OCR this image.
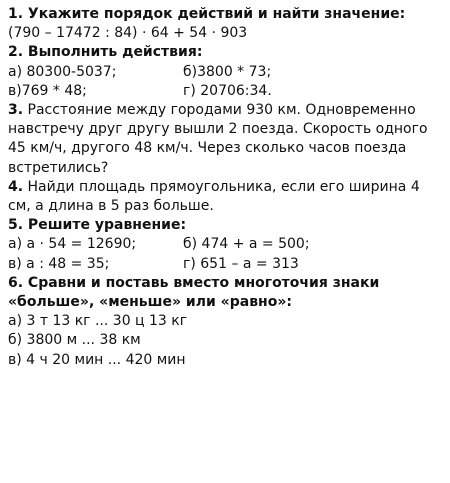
1. Укажите порядок действий и найти значение:
(790 – 17472 : 84) · 64 + 54 · 903
2. Выполнить действия:
а) 80300-5037;	б)3800 * 73;
в)769 * 48;	г) 20706:34.
3. Расстояние между городами 930 км. Одновременно навстречу друг другу вышли 2 поезда. Скорость одного 45 км/ч, другого 48 км/ч. Через сколько часов поезда встретились?
4. Найди площадь прямоугольника, если его ширина 4 см, а длина в 5 раз больше.
5. Решите уравнение:
а) а · 54 = 12690;	б) 474 + а = 500;
в) а : 48 = 35;	г) 651 – а = 313
6. Сравни и поставь вместо многоточия знаки «больше», «меньше» или «равно»:
а) 3 т 13 кг ... 30 ц 13 кг
б) 3800 м ... 38 км
в) 4 ч 20 мин ... 420 мин
